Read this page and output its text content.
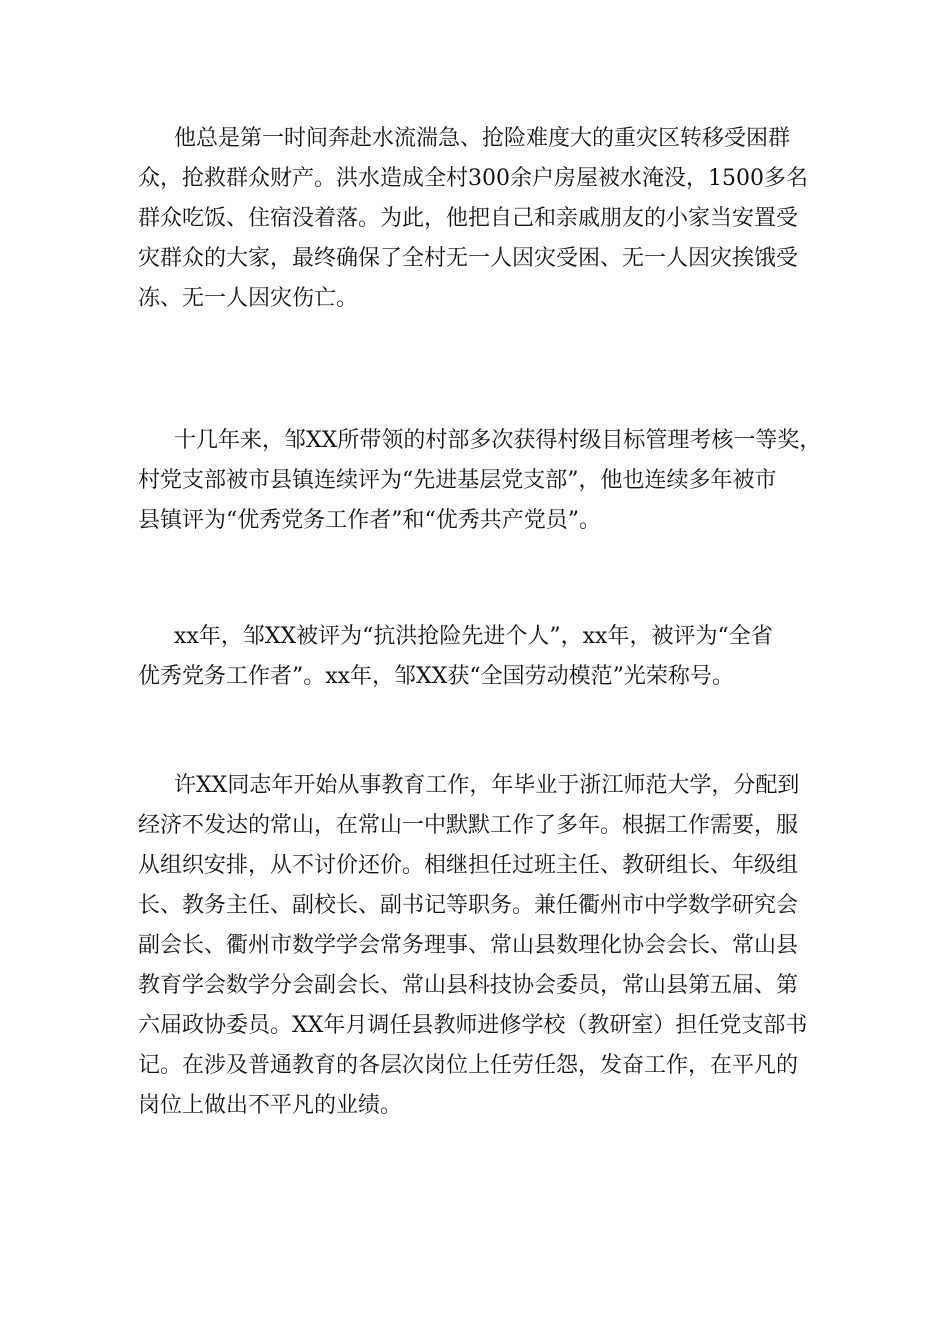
他总是第一时间奔赴水流湍急、抢险难度大的重灾区转移受困群
众，抢救群众财产。洪水造成全村300余户房屋被水淹没，1500多名
群众吃饭、住宿没着落。为此，他把自己和亲戚朋友的小家当安置受
灾群众的大家，最终确保了全村无一人因灾受困、无一人因灾挨饿受
冻、无一人因灾伤亡。

十几年来，邹XX所带领的村部多次获得村级目标管理考核一等奖，
村党支部被市县镇连续评为“先进基层党支部”，他也连续多年被市
县镇评为“优秀党务工作者”和“优秀共产党员”。

xx年，邹XX被评为“抗洪抢险先进个人”，xx年，被评为“全省
优秀党务工作者”。xx年，邹XX获“全国劳动模范”光荣称号。

许XX同志年开始从事教育工作，年毕业于浙江师范大学，分配到
经济不发达的常山，在常山一中默默工作了多年。根据工作需要，服
从组织安排，从不讨价还价。相继担任过班主任、教研组长、年级组
长、教务主任、副校长、副书记等职务。兼任衢州市中学数学研究会
副会长、衢州市数学学会常务理事、常山县数理化协会会长、常山县
教育学会数学分会副会长、常山县科技协会委员，常山县第五届、第
六届政协委员。XX年月调任县教师进修学校（教研室）担任党支部书
记。在涉及普通教育的各层次岗位上任劳任怨，发奋工作，在平凡的
岗位上做出不平凡的业绩。
